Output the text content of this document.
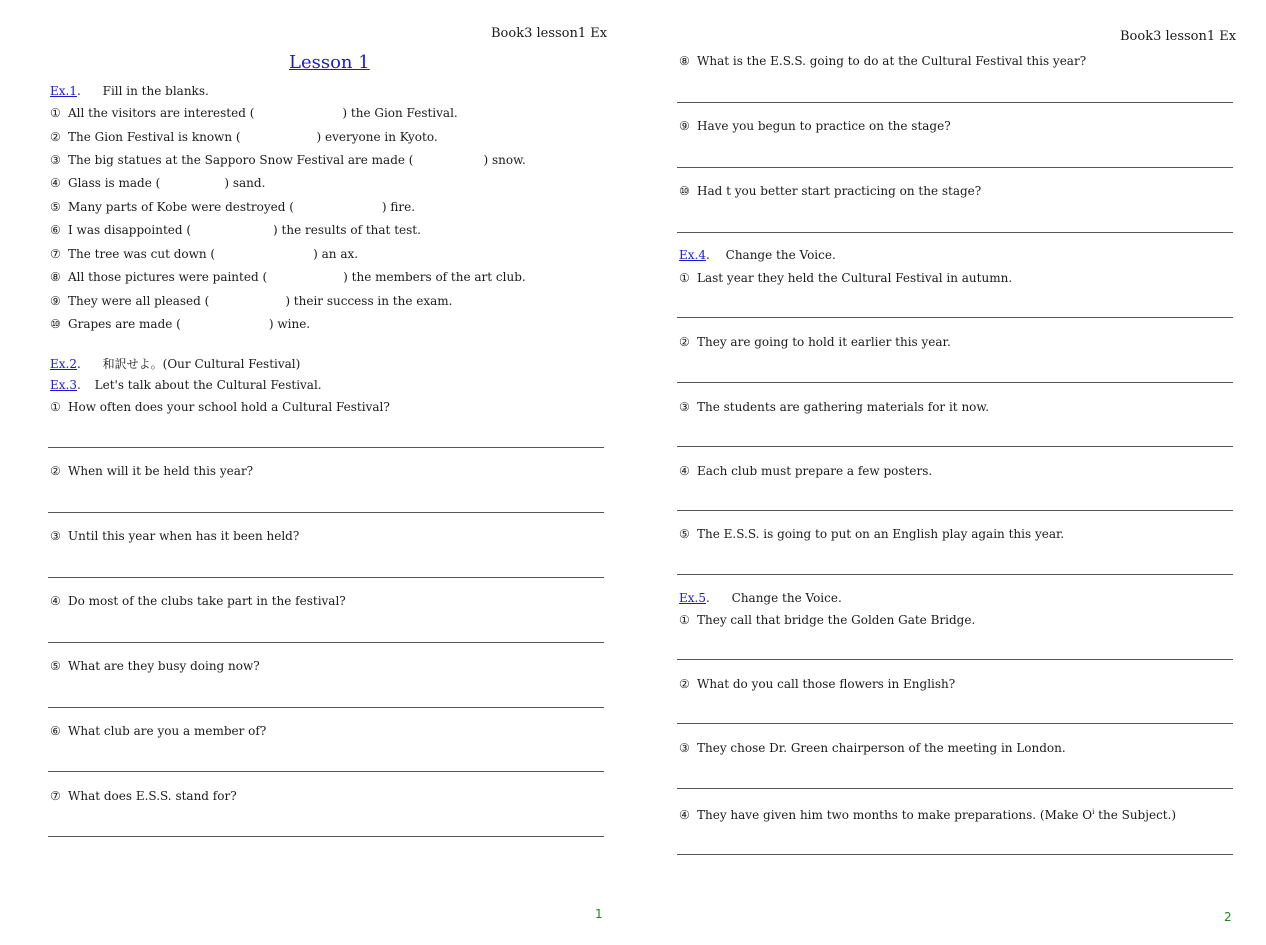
Book3 lesson1 Ex
Lesson 1
Ex.1. Fill in the blanks.
① All the visitors are interested (	) the Gion Festival.
② The Gion Festival is known (	) everyone in Kyoto.
③ The big statues at the Sapporo Snow Festival are made (	) snow.
④ Glass is made (	) sand.
⑤ Many parts of Kobe were destroyed (	) fire.
⑥ I was disappointed (	) the results of that test.
⑦ The tree was cut down (	) an ax.
⑧ All those pictures were painted (	) the members of the art club.
⑨ They were all pleased (	) their success in the exam.
⑩ Grapes are made (	) wine.
Ex.2. 和訳せよ。(Our Cultural Festival)
Ex.3. Let's talk about the Cultural Festival.
① How often does your school hold a Cultural Festival?
② When will it be held this year?
③ Until this year when has it been held?
④ Do most of the clubs take part in the festival?
⑤ What are they busy doing now?
⑥ What club are you a member of?
⑦ What does E.S.S. stand for?
1
Book3 lesson1 Ex
⑧ What is the E.S.S. going to do at the Cultural Festival this year?
⑨ Have you begun to practice on the stage?
⑩ Had t you better start practicing on the stage?
Ex.4. Change the Voice.
① Last year they held the Cultural Festival in autumn.
② They are going to hold it earlier this year.
③ The students are gathering materials for it now.
④ Each club must prepare a few posters.
⑤ The E.S.S. is going to put on an English play again this year.
Ex.5. Change the Voice.
① They call that bridge the Golden Gate Bridge.
② What do you call those flowers in English?
③ They chose Dr. Green chairperson of the meeting in London.
④ They have given him two months to make preparations. (Make $O^i$ the Subject.)
2
